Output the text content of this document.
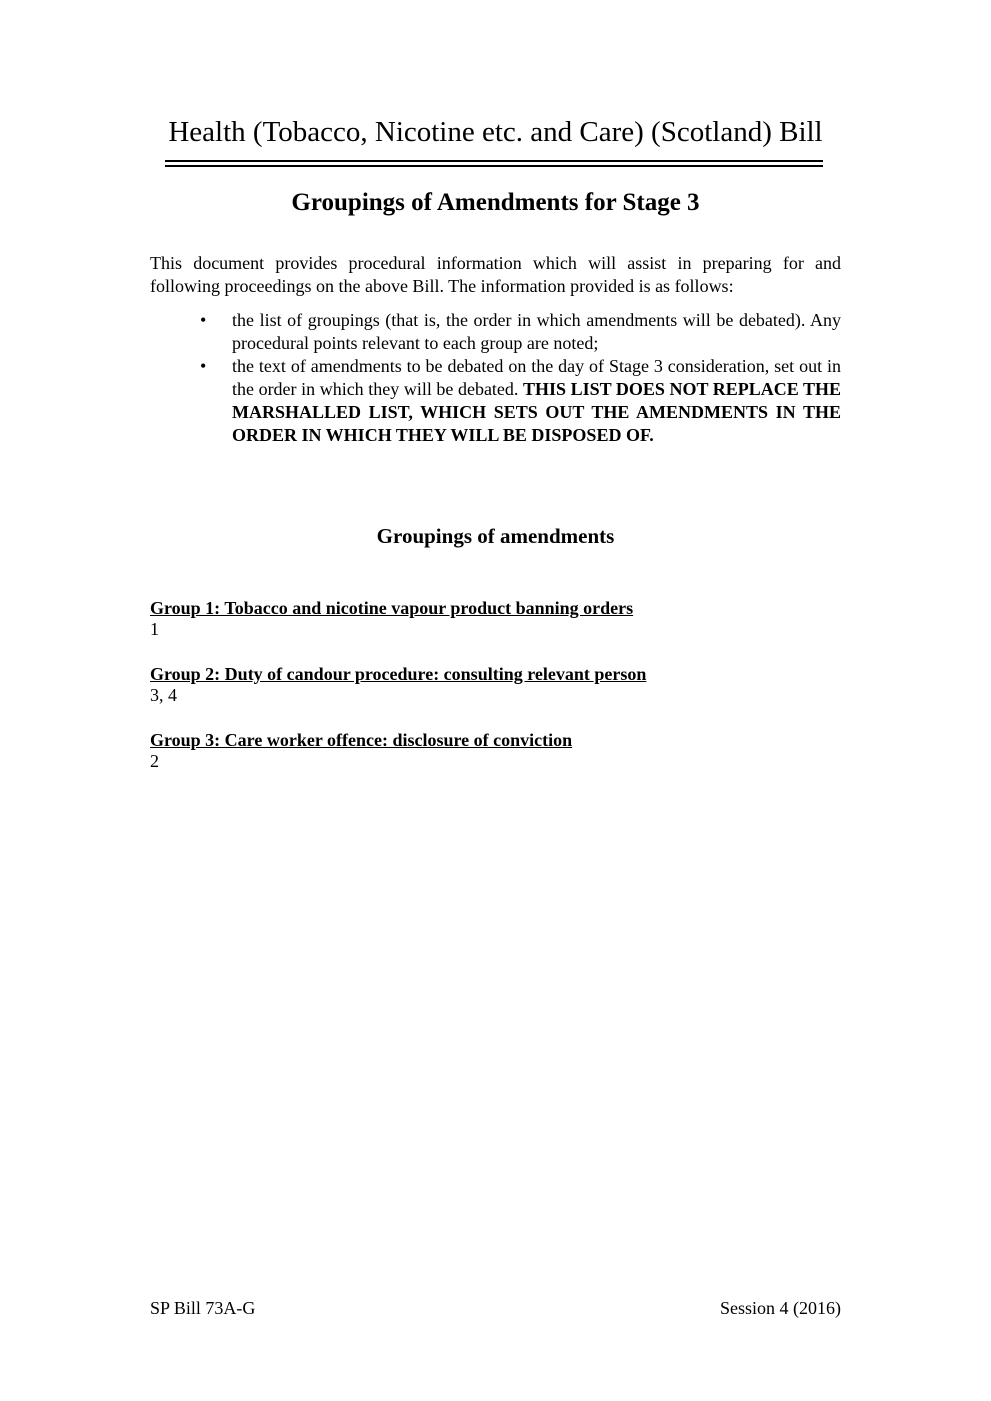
Health (Tobacco, Nicotine etc. and Care) (Scotland) Bill
Groupings of Amendments for Stage 3
This document provides procedural information which will assist in preparing for and following proceedings on the above Bill. The information provided is as follows:
• the list of groupings (that is, the order in which amendments will be debated). Any procedural points relevant to each group are noted;
• the text of amendments to be debated on the day of Stage 3 consideration, set out in the order in which they will be debated. THIS LIST DOES NOT REPLACE THE MARSHALLED LIST, WHICH SETS OUT THE AMENDMENTS IN THE ORDER IN WHICH THEY WILL BE DISPOSED OF.
Groupings of amendments
Group 1: Tobacco and nicotine vapour product banning orders
1
Group 2: Duty of candour procedure: consulting relevant person
3, 4
Group 3: Care worker offence: disclosure of conviction
2
SP Bill 73A-G	Session 4 (2016)
